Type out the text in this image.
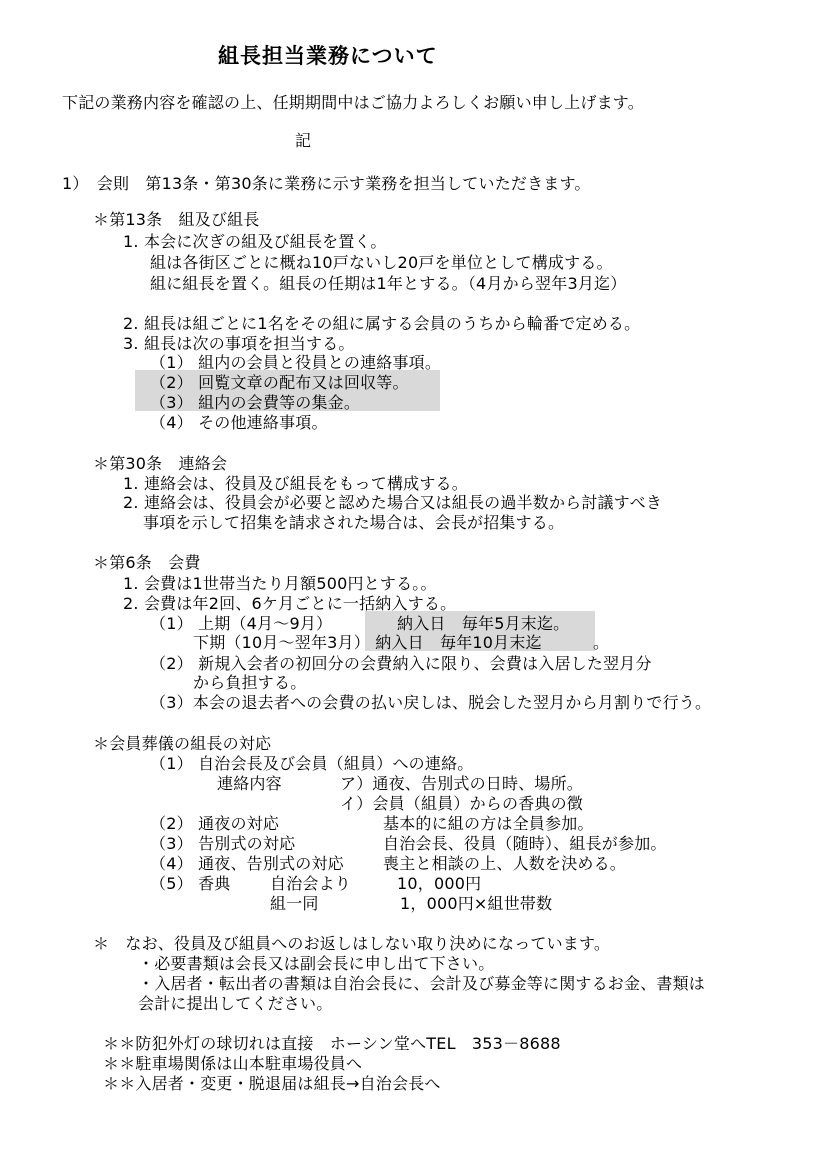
組長担当業務について
下記の業務内容を確認の上、任期期間中はご協力よろしくお願い申し上げます。
記
1）　会則　第13条・第30条に業務に示す業務を担当していただきます。
＊第13条　組及び組長
1. 本会に次ぎの組及び組長を置く。
組は各街区ごとに概ね10戸ないし20戸を単位として構成する。
組に組長を置く。組長の任期は1年とする。（4月から翌年3月迄）
2. 組長は組ごとに1名をその組に属する会員のうちから輪番で定める。
3. 組長は次の事項を担当する。
（1） 組内の会員と役員との連絡事項。
（2） 回覧文章の配布又は回収等。
（3） 組内の会費等の集金。
（4） その他連絡事項。
＊第30条　連絡会
1. 連絡会は、役員及び組長をもって構成する。
2. 連絡会は、役員会が必要と認めた場合又は組長の過半数から討議すべき
事項を示して招集を請求された場合は、会長が招集する。
＊第6条　会費
1. 会費は1世帯当たり月額500円とする。。
2. 会費は年2回、6ケ月ごとに一括納入する。
（1） 上期（4月～9月）	納入日　毎年5月末迄。
下期（10月～翌年3月） 納入日　毎年10月末迄	。
（2） 新規入会者の初回分の会費納入に限り、会費は入居した翌月分
から負担する。
（3）本会の退去者への会費の払い戻しは、脱会した翌月から月割りで行う。
＊会員葬儀の組長の対応
（1） 自治会長及び会員（組員）への連絡。
連絡内容	ア）通夜、告別式の日時、場所。
イ）会員（組員）からの香典の徴
（2） 通夜の対応	基本的に組の方は全員参加。
（3） 告別式の対応	自治会長、役員（随時）、組長が参加。
（4） 通夜、告別式の対応 喪主と相談の上、人数を決める。
（5） 香典 自治会より	10，000円
組一同	1，000円×組世帯数
＊　なお、役員及び組員へのお返しはしない取り決めになっています。
・必要書類は会長又は副会長に申し出て下さい。
・入居者・転出者の書類は自治会長に、会計及び募金等に関するお金、書類は
会計に提出してください。
＊＊防犯外灯の球切れは直接　ホーシン堂へTEL　353－8688
＊＊駐車場関係は山本駐車場役員へ
＊＊入居者・変更・脱退届は組長→自治会長へ
